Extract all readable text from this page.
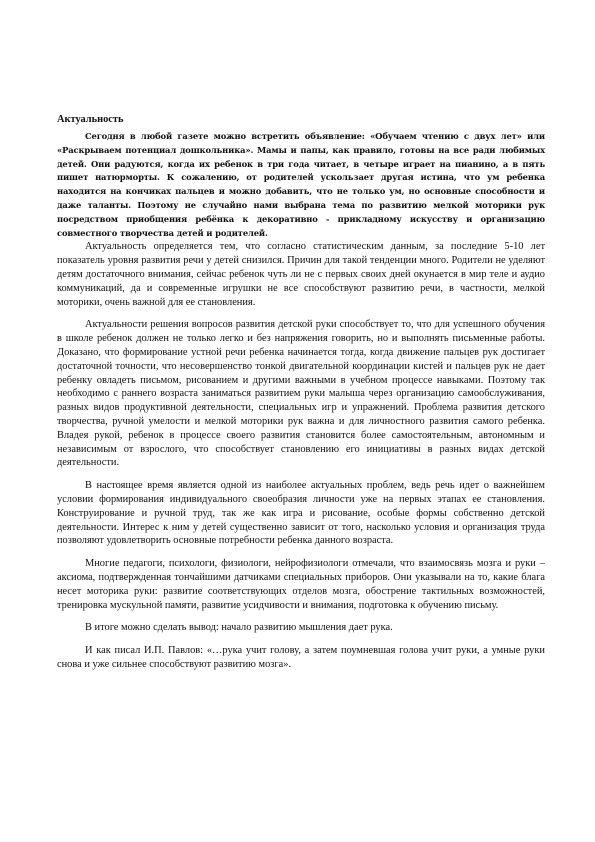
Актуальность

Сегодня в любой газете можно встретить объявление: «Обучаем чтению с двух лет» или «Раскрываем потенциал дошкольника». Мамы и папы, как правило, готовы на все ради любимых детей. Они радуются, когда их ребенок в три года читает, в четыре играет на пианино, а в пять пишет натюрморты. К сожалению, от родителей ускользает другая истина, что ум ребенка находится на кончиках пальцев и можно добавить, что не только ум, но основные способности и даже таланты. Поэтому не случайно нами выбрана тема по развитию мелкой моторики рук посредством приобщения ребёнка к декоративно - прикладному искусству и организацию совместного творчества детей и родителей.

Актуальность определяется тем, что согласно статистическим данным, за последние 5-10 лет показатель уровня развития речи у детей снизился. Причин для такой тенденции много. Родители не уделяют детям достаточного внимания, сейчас ребенок чуть ли не с первых своих дней окунается в мир теле и аудио коммуникаций, да и современные игрушки не все способствуют развитию речи, в частности, мелкой моторики, очень важной для ее становления.

Актуальности решения вопросов развития детской руки способствует то, что для успешного обучения в школе ребенок должен не только легко и без напряжения говорить, но и выполнять письменные работы. Доказано, что формирование устной речи ребенка начинается тогда, когда движение пальцев рук достигает достаточной точности, что несовершенство тонкой двигательной координации кистей и пальцев рук не дает ребенку овладеть письмом, рисованием и другими важными в учебном процессе навыками. Поэтому так необходимо с раннего возраста заниматься развитием руки малыша через организацию самообслуживания, разных видов продуктивной деятельности, специальных игр и упражнений. Проблема развития детского творчества, ручной умелости и мелкой моторики рук важна и для личностного развития самого ребенка. Владея рукой, ребенок в процессе своего развития становится более самостоятельным, автономным и независимым от взрослого, что способствует становлению его инициативы в разных видах детской деятельности.

В настоящее время является одной из наиболее актуальных проблем, ведь речь идет о важнейшем условии формирования индивидуального своеобразия личности уже на первых этапах ее становления. Конструирование и ручной труд, так же как игра и рисование, особые формы собственно детской деятельности. Интерес к ним у детей существенно зависит от того, насколько условия и организация труда позволяют удовлетворить основные потребности ребенка данного возраста.

Многие педагоги, психологи, физиологи, нейрофизиологи отмечали, что взаимосвязь мозга и руки – аксиома, подтвержденная тончайшими датчиками специальных приборов. Они указывали на то, какие блага несет моторика руки: развитие соответствующих отделов мозга, обострение тактильных возможностей, тренировка мускульной памяти, развитие усидчивости и внимания, подготовка к обучению письму.

В итоге можно сделать вывод: начало развитию мышления дает рука.

И как писал И.П. Павлов: «…рука учит голову, а затем поумневшая голова учит руки, а умные руки снова и уже сильнее способствуют развитию мозга».
